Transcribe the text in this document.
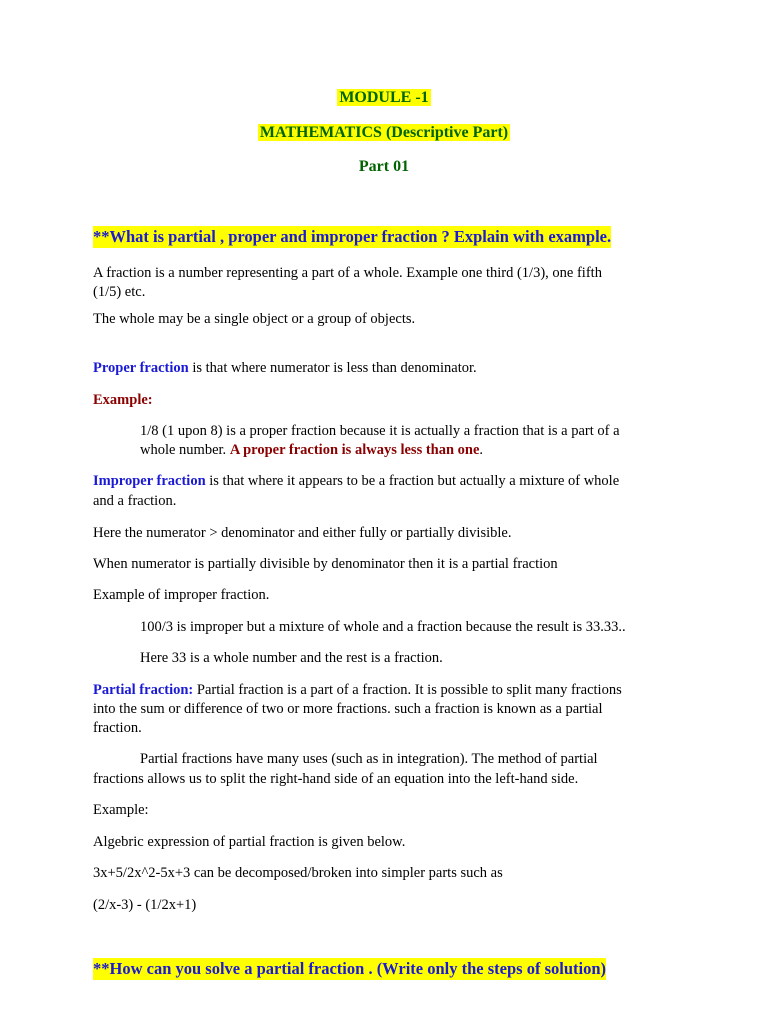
MODULE -1
MATHEMATICS (Descriptive Part)
Part 01
**What is partial , proper and improper fraction ? Explain with example.
A fraction is a number representing a part of a whole. Example one third (1/3), one fifth
(1/5) etc.
The whole may be a single object or a group of objects.
Proper fraction is that where numerator is less than denominator.
Example:
1/8 (1 upon 8) is a proper fraction because it is actually a fraction that is a part of a
whole number. A proper fraction is always less than one.
Improper fraction is that where it appears to be a fraction but actually a mixture of whole
and a fraction.
Here the numerator > denominator and either fully or partially divisible.
When numerator is partially divisible by denominator then it is a partial fraction
Example of improper fraction.
100/3 is improper but a mixture of whole and a fraction because the result is 33.33..
Here 33 is a whole number and the rest is a fraction.
Partial fraction: Partial fraction is a part of a fraction. It is possible to split many fractions
into the sum or difference of two or more fractions. such a fraction is known as a partial
fraction.
Partial fractions have many uses (such as in integration). The method of partial
fractions allows us to split the right-hand side of an equation into the left-hand side.
Example:
Algebric expression of partial fraction is given below.
3x+5/2x^2-5x+3 can be decomposed/broken into simpler parts such as
(2/x-3) - (1/2x+1)
**How can you solve a partial fraction . (Write only the steps of solution)
